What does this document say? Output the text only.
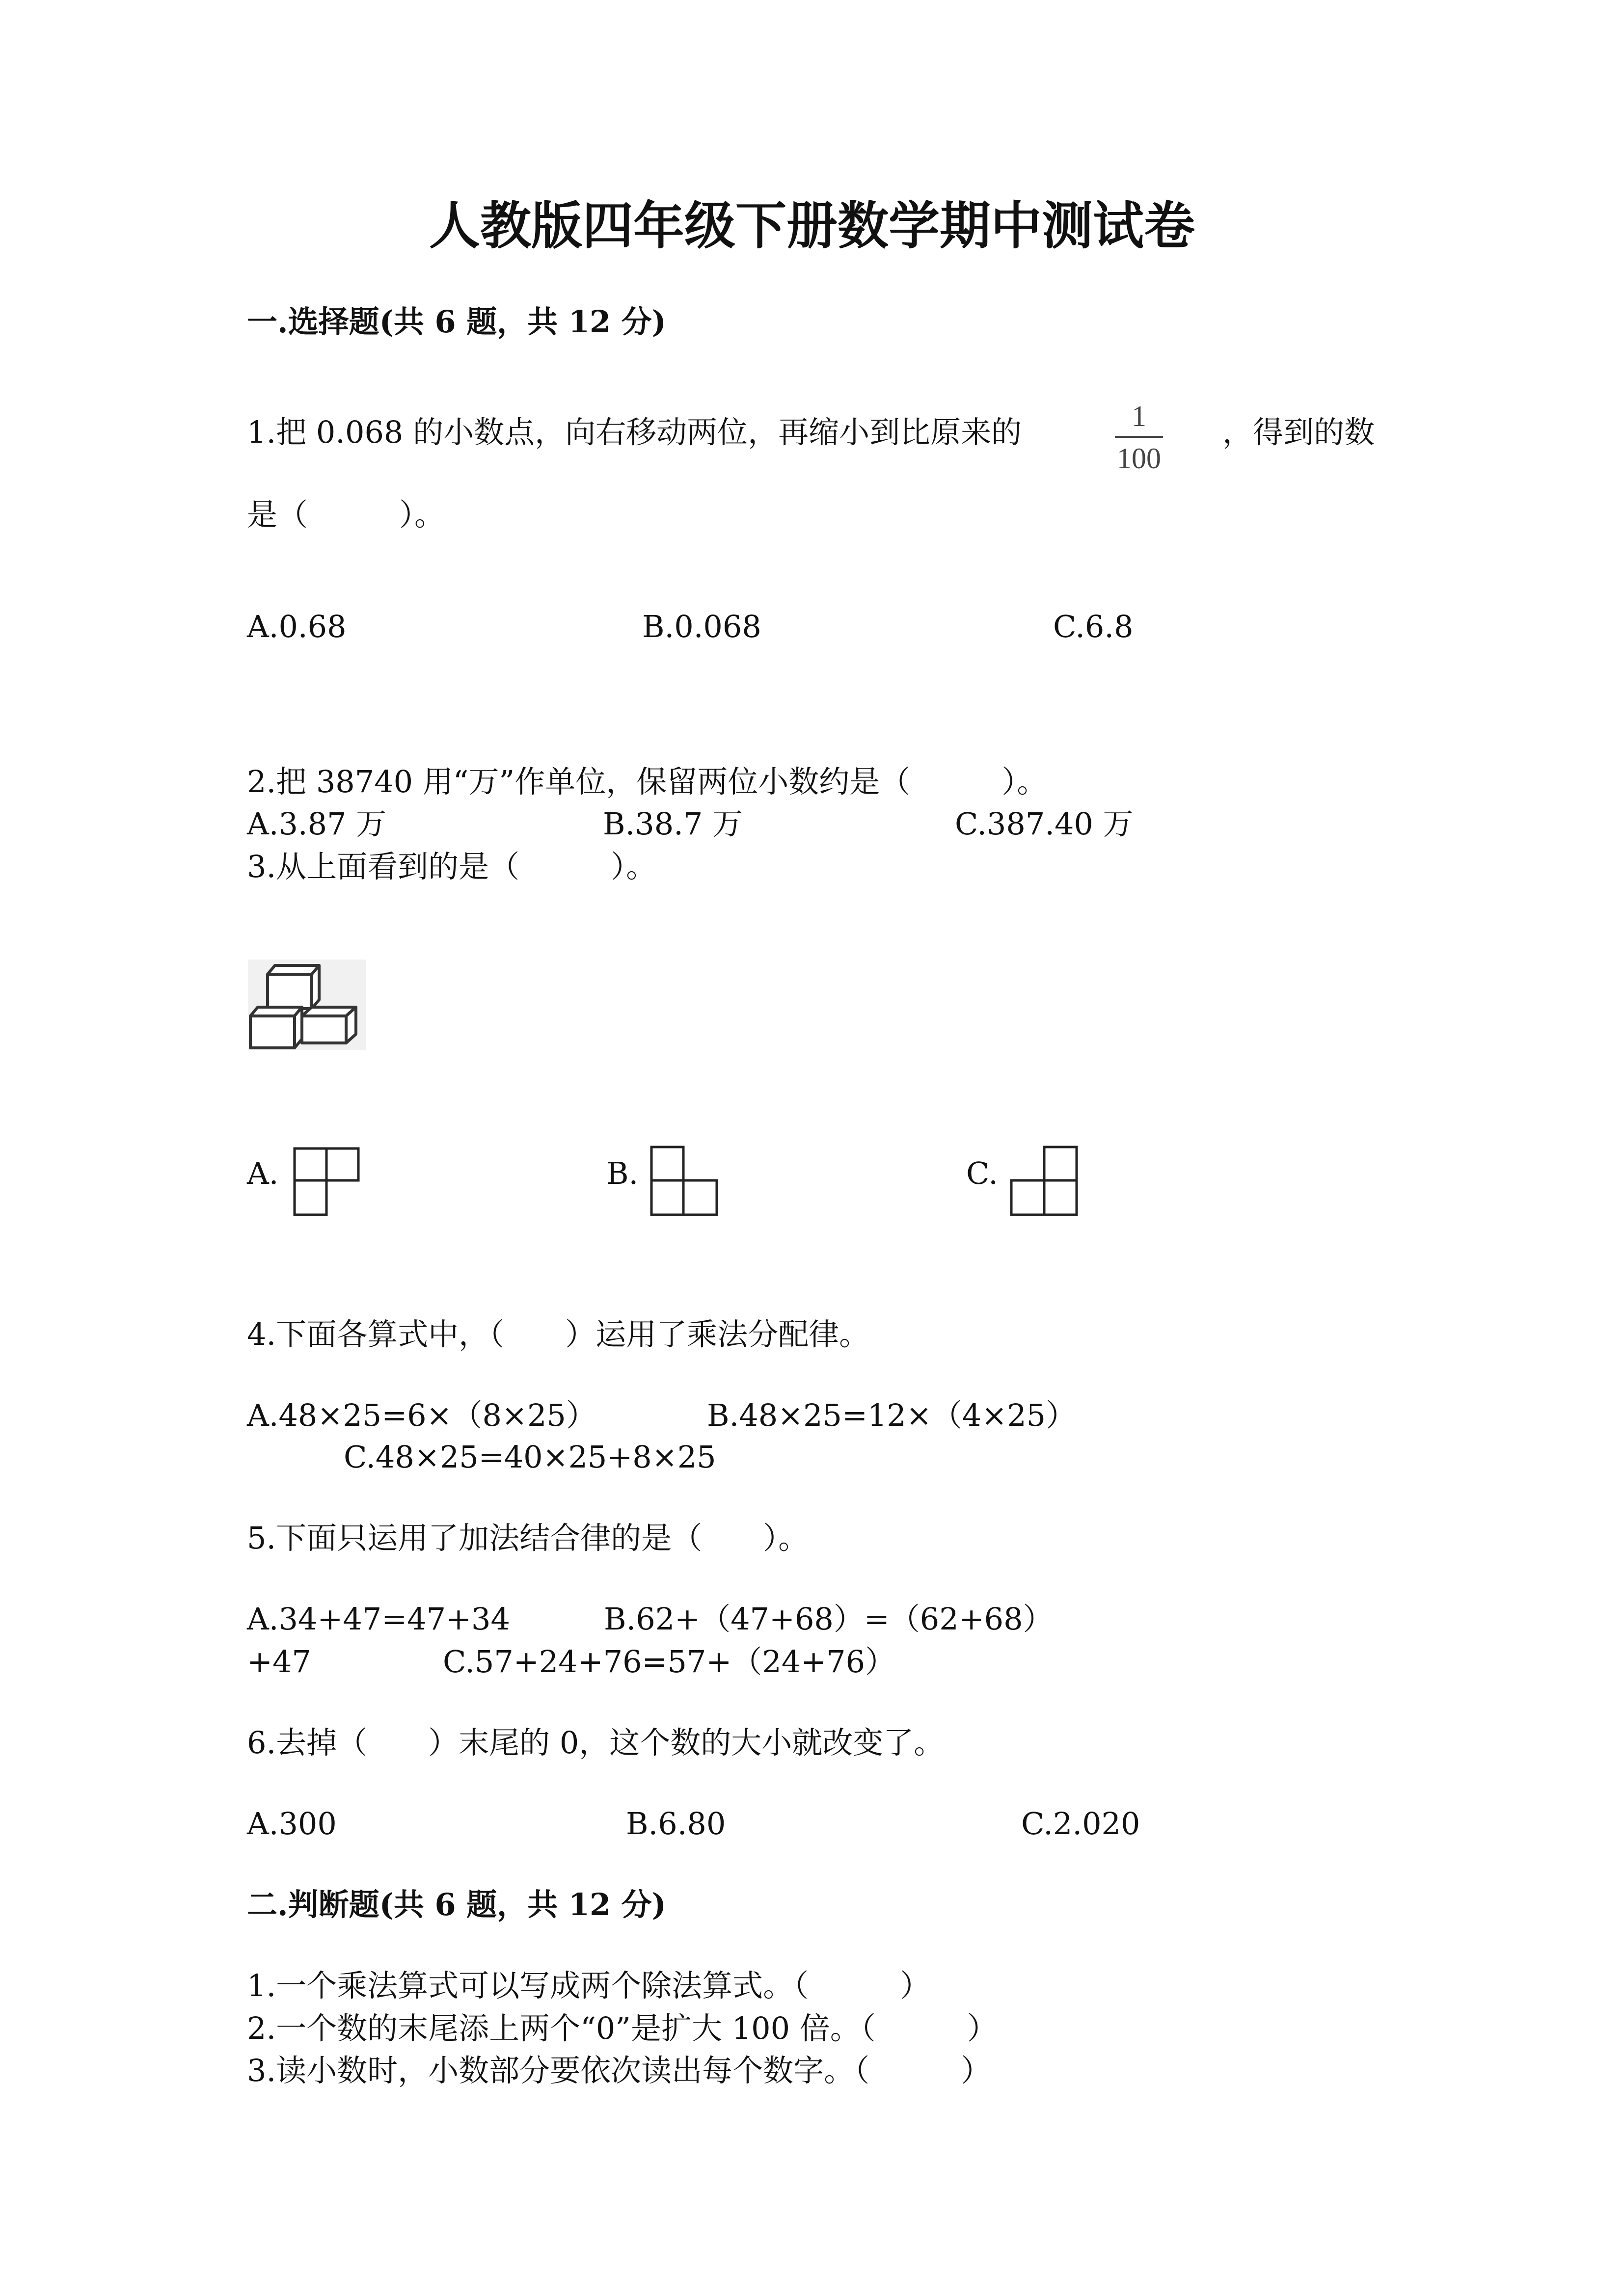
人教版四年级下册数学期中测试卷
一.选择题(共 6 题，共 12 分)
1.把 0.068 的小数点，向右移动两位，再缩小到比原来的	1
100
，得到的数
是（　　　）。
A.0.68	B.0.068	C.6.8
2.把 38740 用“万”作单位，保留两位小数约是（　　　）。
A.3.87 万	B.38.7 万	C.387.40 万
3.从上面看到的是（　　　）。
A.	B.	C.
4.下面各算式中，（　　）运用了乘法分配律。
A.48×25=6×（8×25）	B.48×25=12×（4×25）
C.48×25=40×25+8×25
5.下面只运用了加法结合律的是（　　）。
A.34+47=47+34	B.62+（47+68）=（62+68）
+47	C.57+24+76=57+（24+76）
6.去掉（　　）末尾的 0，这个数的大小就改变了。
A.300	B.6.80	C.2.020
二.判断题(共 6 题，共 12 分)
1.一个乘法算式可以写成两个除法算式。（　　　）
2.一个数的末尾添上两个“0”是扩大 100 倍。（　　　）
3.读小数时，小数部分要依次读出每个数字。（　　　）
